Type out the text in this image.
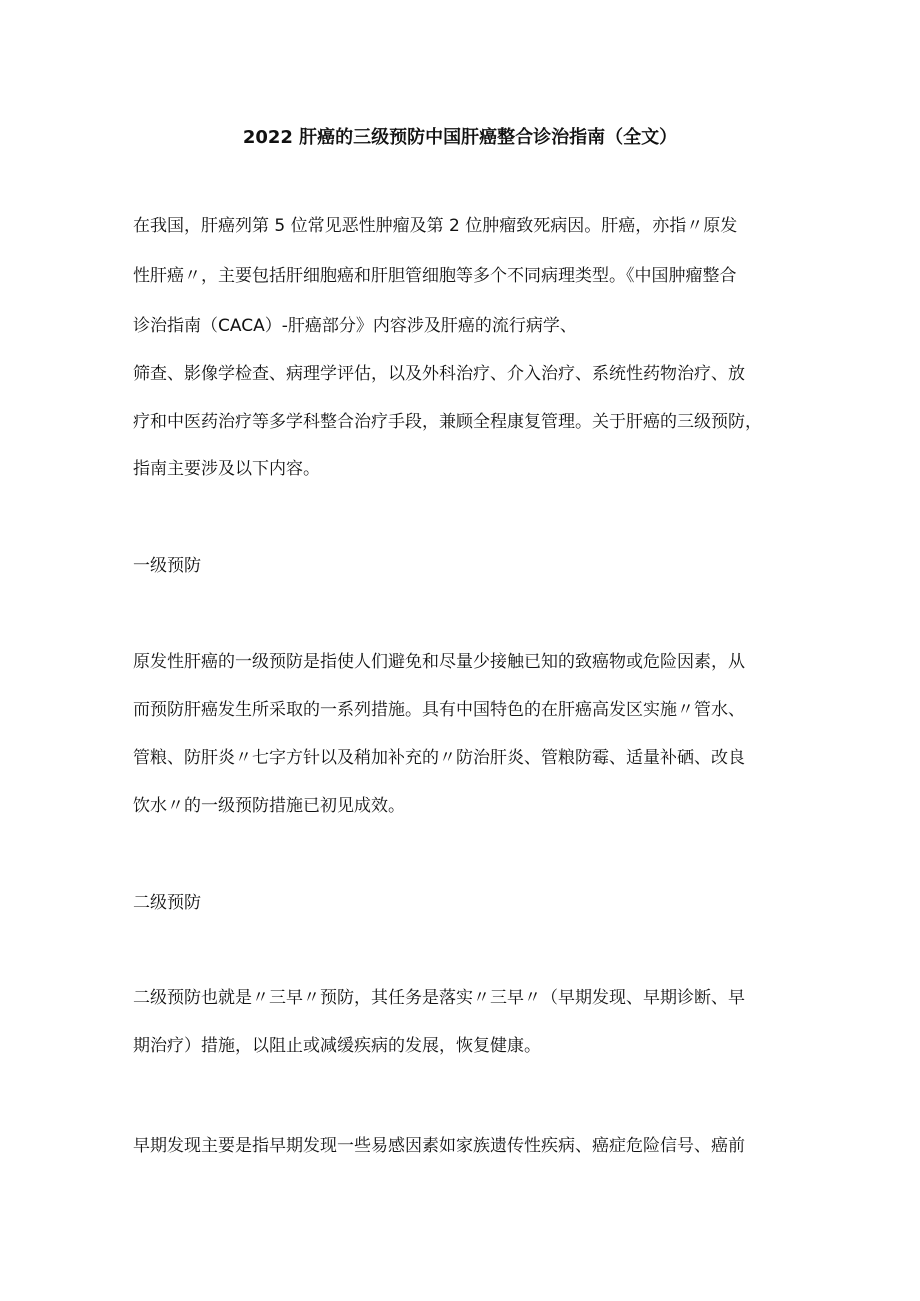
2022 肝癌的三级预防中国肝癌整合诊治指南（全文）
在我国，肝癌列第 5 位常见恶性肿瘤及第 2 位肿瘤致死病因。肝癌，亦指〃原发
性肝癌〃，主要包括肝细胞癌和肝胆管细胞等多个不同病理类型。《中国肿瘤整合
诊治指南（CACA）-肝癌部分》内容涉及肝癌的流行病学、
筛查、影像学检查、病理学评估，以及外科治疗、介入治疗、系统性药物治疗、放
疗和中医药治疗等多学科整合治疗手段，兼顾全程康复管理。关于肝癌的三级预防，
指南主要涉及以下内容。
一级预防
原发性肝癌的一级预防是指使人们避免和尽量少接触已知的致癌物或危险因素，从
而预防肝癌发生所采取的一系列措施。具有中国特色的在肝癌高发区实施〃管水、
管粮、防肝炎〃七字方针以及稍加补充的〃防治肝炎、管粮防霉、适量补硒、改良
饮水〃的一级预防措施已初见成效。
二级预防
二级预防也就是〃三早〃预防，其任务是落实〃三早〃（早期发现、早期诊断、早
期治疗）措施，以阻止或减缓疾病的发展，恢复健康。
早期发现主要是指早期发现一些易感因素如家族遗传性疾病、癌症危险信号、癌前
